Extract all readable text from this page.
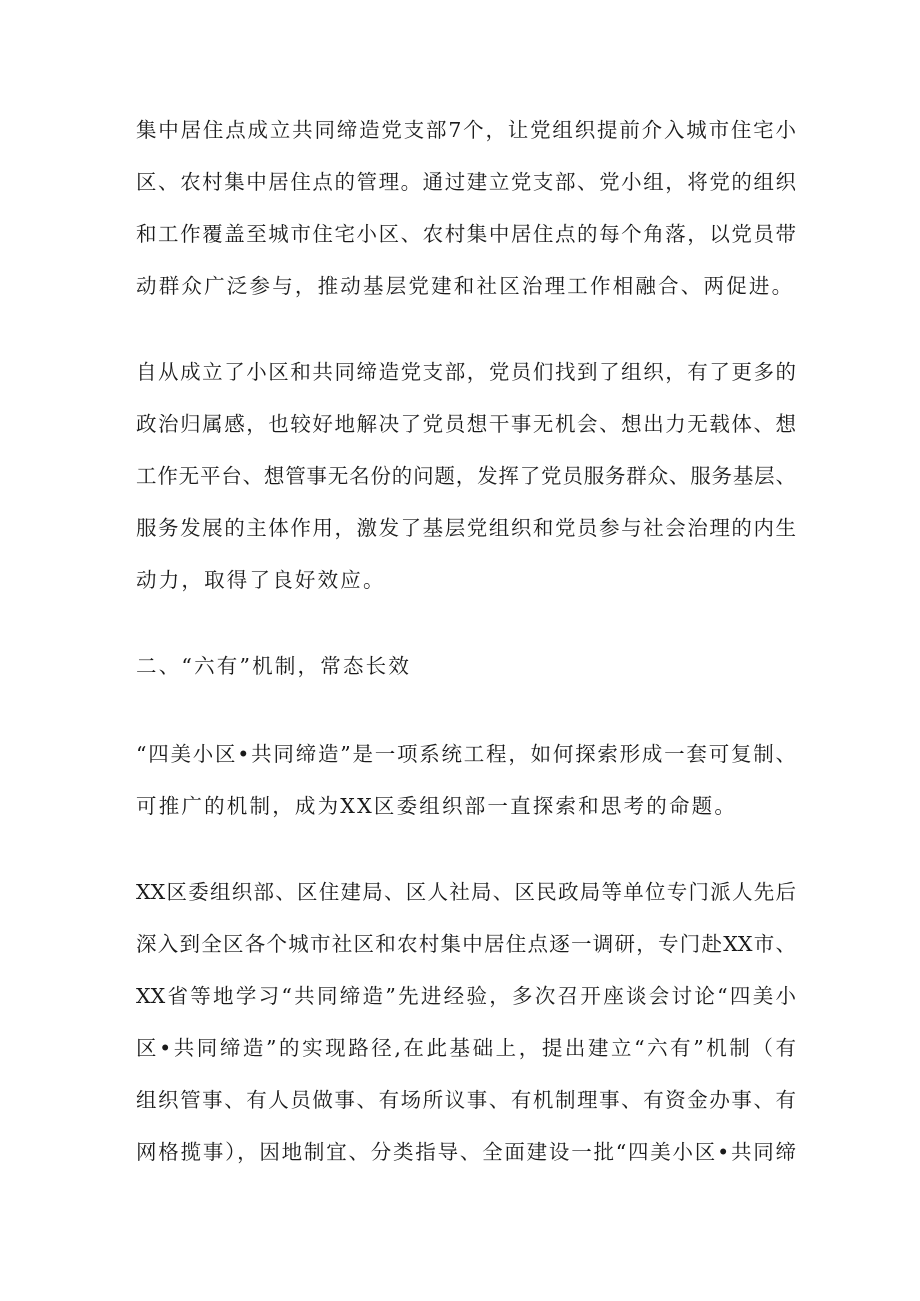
集中居住点成立共同缔造党支部7个，让党组织提前介入城市住宅小
区、农村集中居住点的管理。通过建立党支部、党小组，将党的组织
和工作覆盖至城市住宅小区、农村集中居住点的每个角落，以党员带
动群众广泛参与，推动基层党建和社区治理工作相融合、两促进。
自从成立了小区和共同缔造党支部，党员们找到了组织，有了更多的
政治归属感，也较好地解决了党员想干事无机会、想出力无载体、想
工作无平台、想管事无名份的问题，发挥了党员服务群众、服务基层、
服务发展的主体作用，激发了基层党组织和党员参与社会治理的内生
动力，取得了良好效应。
二、“六有”机制，常态长效
“四美小区•共同缔造”是一项系统工程，如何探索形成一套可复制、
可推广的机制，成为XX区委组织部一直探索和思考的命题。
XX区委组织部、区住建局、区人社局、区民政局等单位专门派人先后
深入到全区各个城市社区和农村集中居住点逐一调研，专门赴XX市、
XX省等地学习“共同缔造”先进经验，多次召开座谈会讨论“四美小
区•共同缔造”的实现路径,在此基础上，提出建立“六有”机制（有
组织管事、有人员做事、有场所议事、有机制理事、有资金办事、有
网格揽事），因地制宜、分类指导、全面建设一批“四美小区•共同缔
